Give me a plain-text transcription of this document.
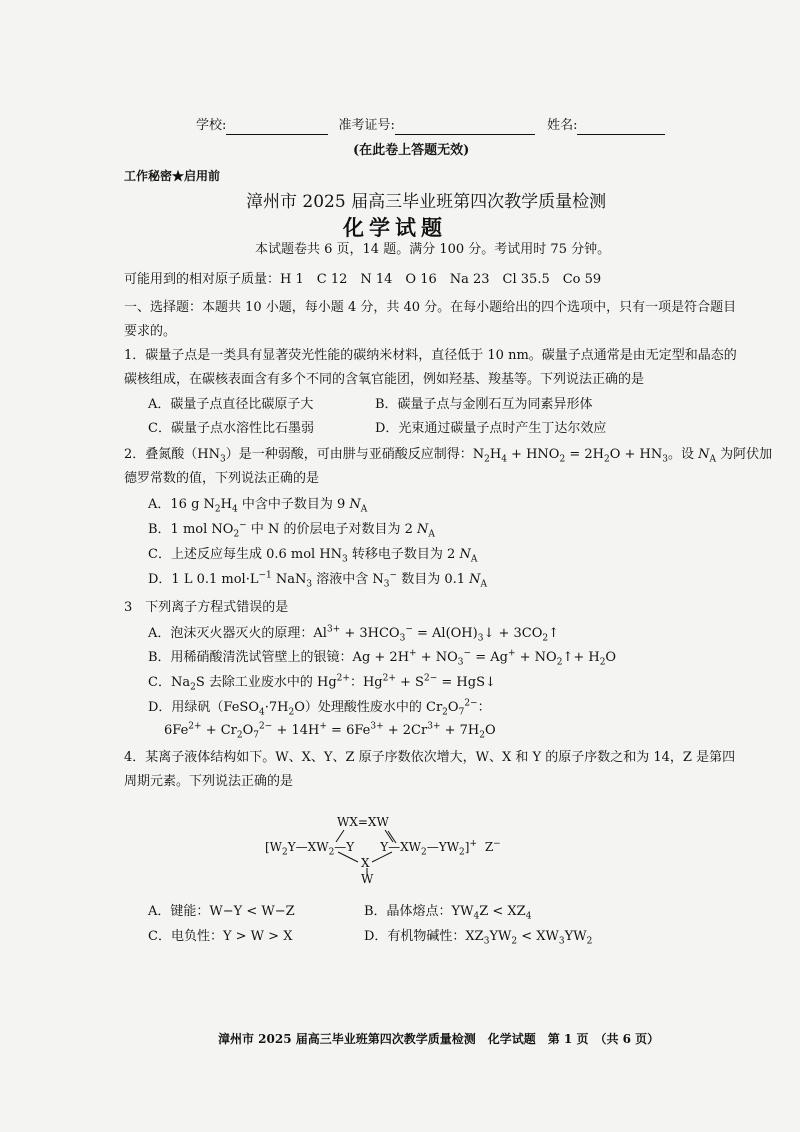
学校:	准考证号:	姓名:
(在此卷上答题无效)
工作秘密★启用前
漳州市 2025 届高三毕业班第四次教学质量检测
化学试题
本试题卷共 6 页，14 题。满分 100 分。考试用时 75 分钟。
可能用到的相对原子质量：H 1　C 12　N 14　O 16　Na 23　Cl 35.5　Co 59
一、选择题：本题共 10 小题，每小题 4 分，共 40 分。在每小题给出的四个选项中，只有一项是符合题目
要求的。
1．碳量子点是一类具有显著荧光性能的碳纳米材料，直径低于 10 nm。碳量子点通常是由无定型和晶态的
碳核组成，在碳核表面含有多个不同的含氧官能团，例如羟基、羧基等。下列说法正确的是
A．碳量子点直径比碳原子大	B．碳量子点与金刚石互为同素异形体
C．碳量子点水溶性比石墨弱	D．光束通过碳量子点时产生丁达尔效应
2．叠氮酸$(HN_3)$是一种弱酸，可由肼与亚硝酸反应制得：$N_2H_4 + HNO_2 = 2H_2O + HN_3$。设 $N_A$ 为阿伏加
德罗常数的值，下列说法正确的是
A．16 g $N_2H_4$ 中含中子数目为 9 $N_A$
B．1 mol $NO_2^-$ 中 N 的价层电子对数目为 2 $N_A$
C．上述反应每生成 0.6 mol $HN_3$ 转移电子数目为 2 $N_A$
D．1 L 0.1 $mol\cdot L^{-1}$ NaN$_3$ 溶液中含 $N_3^-$ 数目为 0.1 $N_A$
3　下列离子方程式错误的是
A．泡沫灭火器灭火的原理：$Al^{3+} + 3HCO_3^-$ = $Al(OH)_3↓$ + $3CO_2↑$
B．用稀硝酸清洗试管壁上的银镜：$Ag + 2H^+ + NO_3^- = Ag^+$ + $NO_2↑+ H_2O$
C．$Na_2S$ 去除工业废水中的 $Hg^{2+}$：$Hg^{2+} + S^{2-}$ = HgS↓
D．用绿矾$(FeSO_4\cdot 7H_2O)$处理酸性废水中的 $Cr_2O_7^{2-}$：
$6Fe^{2+} + Cr_2O_7^{2-} + 14H^+ = 6Fe^{3+} + 2Cr^{3+} + 7H_2O$
4．某离子液体结构如下。W、X、Y、Z 原子序数依次增大，W、X 和 Y 的原子序数之和为 14，Z 是第四
周期元素。下列说法正确的是
WX=XW
[$W_2Y—XW_2—Y$ $Y—XW_2—YW_2]^+$ Z−
X
W
A．键能：W−Y < W−Z	B．晶体熔点：$YW_4Z < XZ_4$
C．电负性：Y > W > X	D．有机物碱性：$XZ_3YW_2 < XW_3YW_2$
漳州市 2025 届高三毕业班第四次教学质量检测　化学试题　第 1 页　（共 6 页）
